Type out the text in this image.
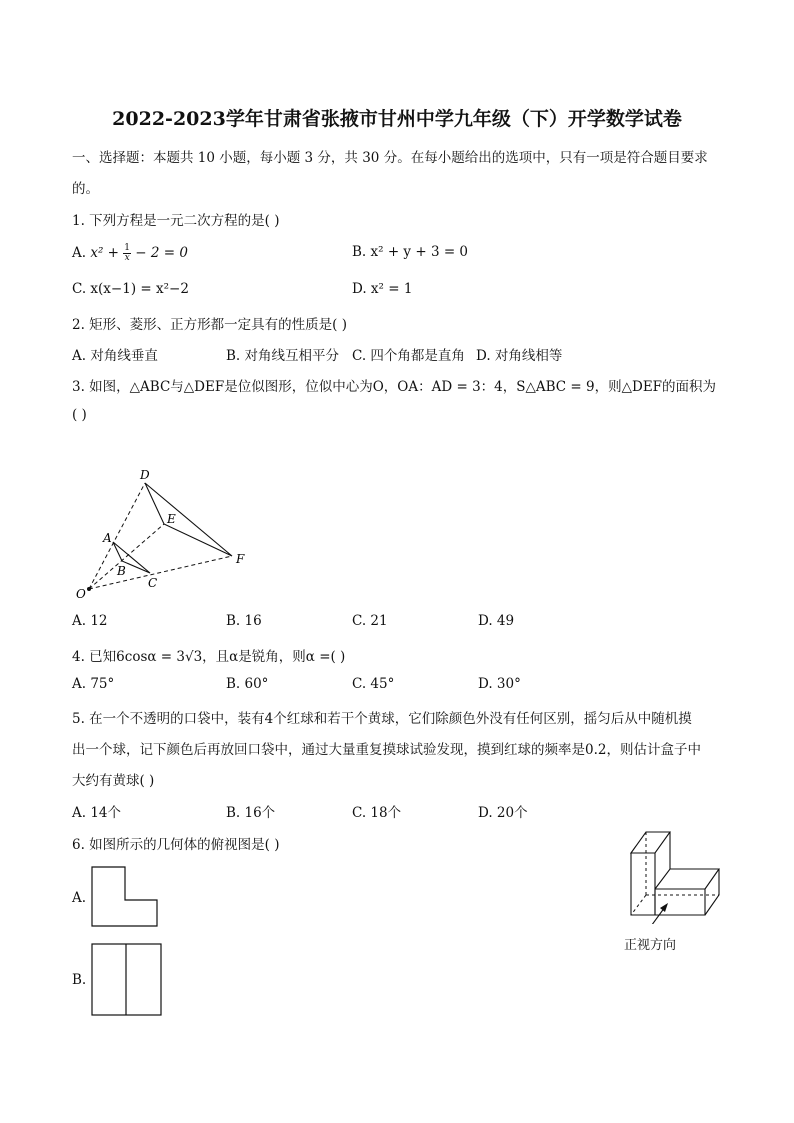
2022-2023学年甘肃省张掖市甘州中学九年级（下）开学数学试卷
一、选择题：本题共 10 小题，每小题 3 分，共 30 分。在每小题给出的选项中，只有一项是符合题目要求
的。
1. 下列方程是一元二次方程的是( )
A. $x^2 + \frac{1}{x} - 2 = 0$	B. x² + y + 3 = 0
C. x(x−1) = x²−2	D. x² = 1
2. 矩形、菱形、正方形都一定具有的性质是( )
A. 对角线垂直	B. 对角线互相平分 C. 四个角都是直角 D. 对角线相等
3. 如图，△ABC与△DEF是位似图形，位似中心为O，OA：AD = 3：4，S△ABC = 9，则△DEF的面积为
( )
D
E
A
B
C
F
O
A. 12	B. 16	C. 21	D. 49
4. 已知6cosα = 3√3，且α是锐角，则α =( )
A. 75°	B. 60°	C. 45°	D. 30°
5. 在一个不透明的口袋中，装有4个红球和若干个黄球，它们除颜色外没有任何区别，摇匀后从中随机摸
出一个球，记下颜色后再放回口袋中，通过大量重复摸球试验发现，摸到红球的频率是0.2，则估计盒子中
大约有黄球( )
A. 14个	B. 16个	C. 18个	D. 20个
6. 如图所示的几何体的俯视图是( )
A.
B.
正视方向
